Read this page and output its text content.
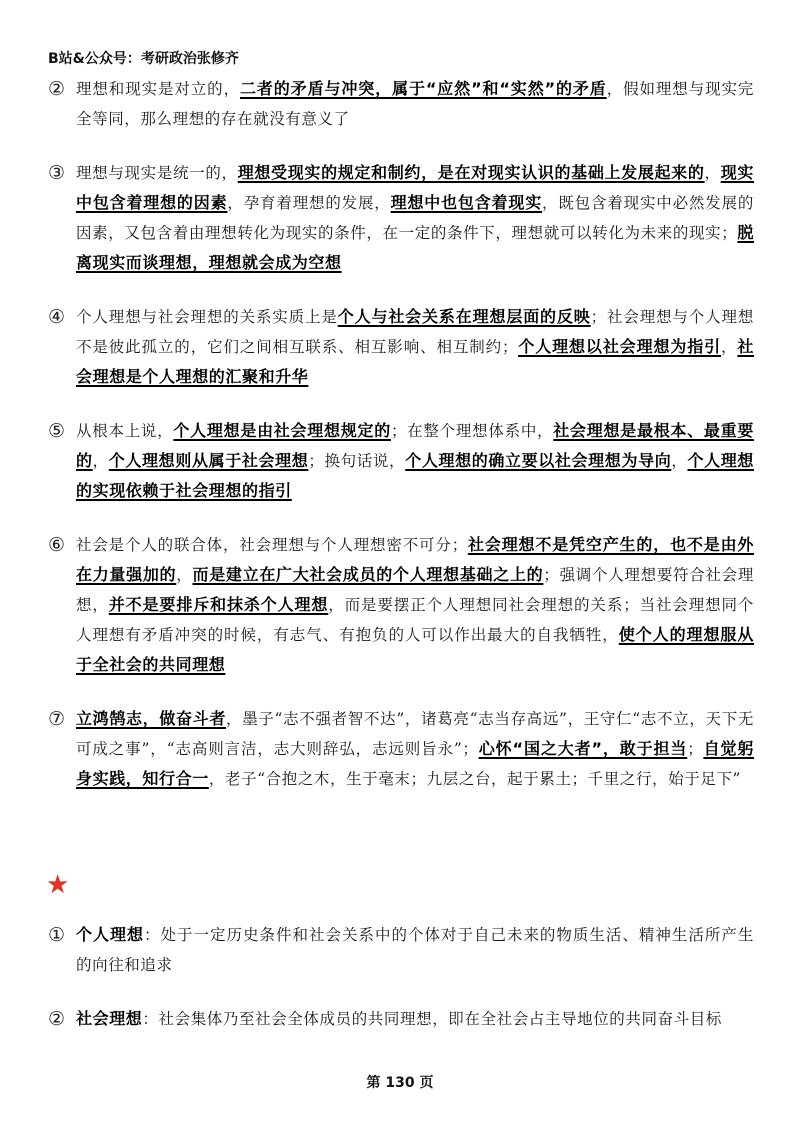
B站&公众号：考研政治张修齐
② 理想和现实是对立的，二者的矛盾与冲突，属于“应然”和“实然”的矛盾，假如理想与现实完全等同，那么理想的存在就没有意义了
③ 理想与现实是统一的，理想受现实的规定和制约，是在对现实认识的基础上发展起来的，现实中包含着理想的因素，孕育着理想的发展，理想中也包含着现实，既包含着现实中必然发展的因素，又包含着由理想转化为现实的条件，在一定的条件下，理想就可以转化为未来的现实；脱离现实而谈理想，理想就会成为空想
④ 个人理想与社会理想的关系实质上是个人与社会关系在理想层面的反映；社会理想与个人理想不是彼此孤立的，它们之间相互联系、相互影响、相互制约；个人理想以社会理想为指引，社会理想是个人理想的汇聚和升华
⑤ 从根本上说，个人理想是由社会理想规定的；在整个理想体系中，社会理想是最根本、最重要的，个人理想则从属于社会理想；换句话说，个人理想的确立要以社会理想为导向，个人理想的实现依赖于社会理想的指引
⑥ 社会是个人的联合体，社会理想与个人理想密不可分；社会理想不是凭空产生的，也不是由外在力量强加的，而是建立在广大社会成员的个人理想基础之上的；强调个人理想要符合社会理想，并不是要排斥和抹杀个人理想，而是要摆正个人理想同社会理想的关系；当社会理想同个人理想有矛盾冲突的时候，有志气、有抱负的人可以作出最大的自我牺牲，使个人的理想服从于全社会的共同理想
⑦ 立鸿鹄志，做奋斗者，墨子“志不强者智不达”，诸葛亮“志当存高远”，王守仁“志不立，天下无可成之事”，“志高则言洁，志大则辞弘，志远则旨永”；心怀“国之大者”，敢于担当；自觉躬身实践，知行合一，老子“合抱之木，生于毫末；九层之台，起于累土；千里之行，始于足下”
★
① 个人理想：处于一定历史条件和社会关系中的个体对于自己未来的物质生活、精神生活所产生的向往和追求
② 社会理想：社会集体乃至社会全体成员的共同理想，即在全社会占主导地位的共同奋斗目标
第 130 页
